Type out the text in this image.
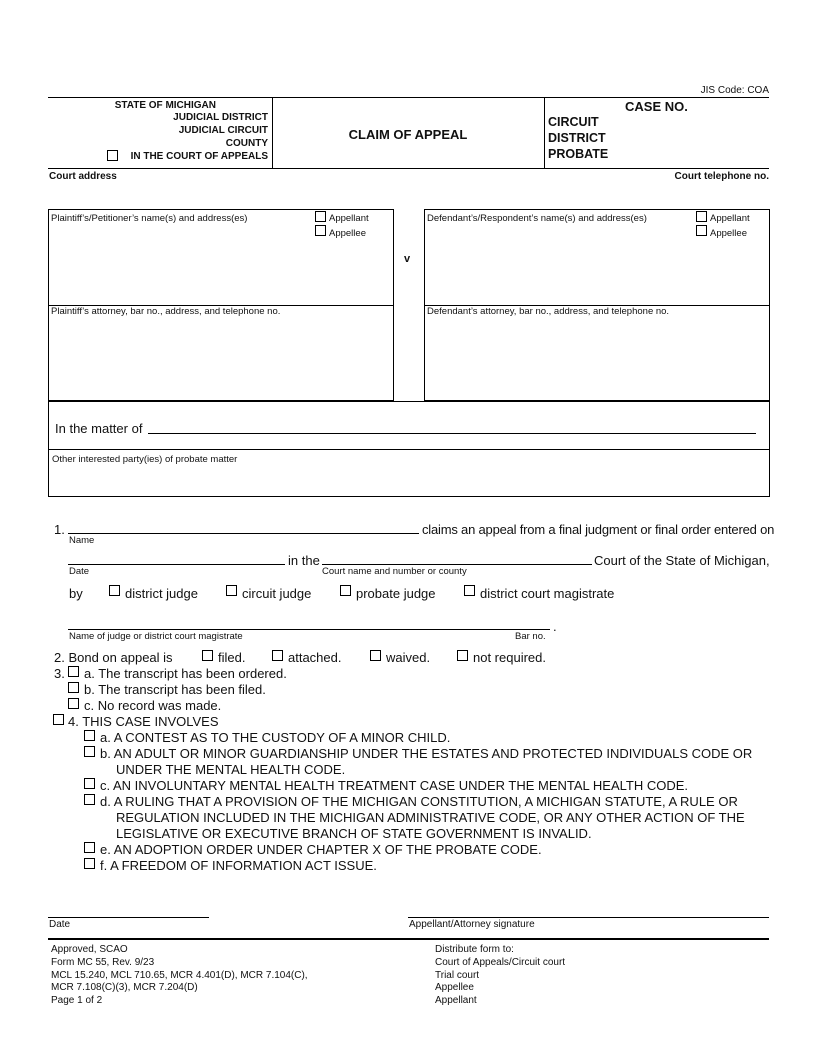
JIS Code: COA
STATE OF MICHIGAN
JUDICIAL DISTRICT
JUDICIAL CIRCUIT
COUNTY
IN THE COURT OF APPEALS
CLAIM OF APPEAL
CASE NO.
CIRCUIT
DISTRICT
PROBATE
Court address	Court telephone no.
Plaintiff’s/Petitioner’s name(s) and address(es)	Appellant
Appellee
Plaintiff’s attorney, bar no., address, and telephone no.
v
Defendant’s/Respondent’s name(s) and address(es)	Appellant
Appellee
Defendant’s attorney, bar no., address, and telephone no.
In the matter of
Other interested party(ies) of probate matter
1.	claims an appeal from a final judgment or final order entered on
Name
in the	Court of the State of Michigan,
Date	Court name and number or county
by	district judge	circuit judge	probate judge	district court magistrate
.
Name of judge or district court magistrate	Bar no.
2. Bond on appeal is	filed.	attached.	waived.	not required.
3. a. The transcript has been ordered.
b. The transcript has been filed.
c. No record was made.
4. THIS CASE INVOLVES
a. A CONTEST AS TO THE CUSTODY OF A MINOR CHILD.
b. AN ADULT OR MINOR GUARDIANSHIP UNDER THE ESTATES AND PROTECTED INDIVIDUALS CODE OR
UNDER THE MENTAL HEALTH CODE.
c. AN INVOLUNTARY MENTAL HEALTH TREATMENT CASE UNDER THE MENTAL HEALTH CODE.
d. A RULING THAT A PROVISION OF THE MICHIGAN CONSTITUTION, A MICHIGAN STATUTE, A RULE OR
REGULATION INCLUDED IN THE MICHIGAN ADMINISTRATIVE CODE, OR ANY OTHER ACTION OF THE
LEGISLATIVE OR EXECUTIVE BRANCH OF STATE GOVERNMENT IS INVALID.
e. AN ADOPTION ORDER UNDER CHAPTER X OF THE PROBATE CODE.
f. A FREEDOM OF INFORMATION ACT ISSUE.
Date	Appellant/Attorney signature
Approved, SCAO
Form MC 55, Rev. 9/23
MCL 15.240, MCL 710.65, MCR 4.401(D), MCR 7.104(C),
MCR 7.108(C)(3), MCR 7.204(D)
Page 1 of 2
Distribute form to:
Court of Appeals/Circuit court
Trial court
Appellee
Appellant
